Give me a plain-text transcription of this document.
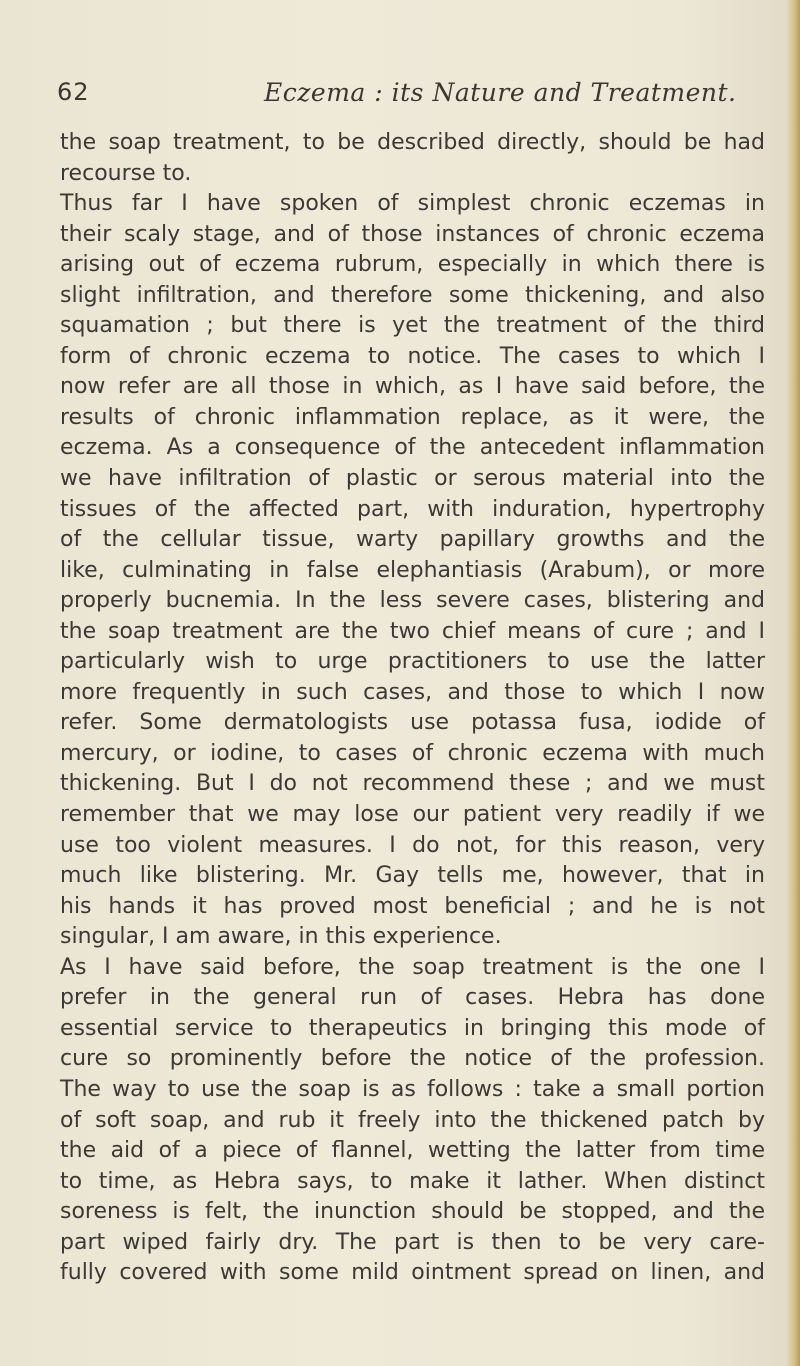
62	Eczema : its Nature and Treatment.
the soap treatment, to be described directly, should be had
recourse to.
Thus far I have spoken of simplest chronic eczemas in
their scaly stage, and of those instances of chronic eczema
arising out of eczema rubrum, especially in which there is
slight infiltration, and therefore some thickening, and also
squamation ; but there is yet the treatment of the third
form of chronic eczema to notice. The cases to which I
now refer are all those in which, as I have said before, the
results of chronic inflammation replace, as it were, the
eczema. As a consequence of the antecedent inflammation
we have infiltration of plastic or serous material into the
tissues of the affected part, with induration, hypertrophy
of the cellular tissue, warty papillary growths and the
like, culminating in false elephantiasis (Arabum), or more
properly bucnemia. In the less severe cases, blistering and
the soap treatment are the two chief means of cure ; and I
particularly wish to urge practitioners to use the latter
more frequently in such cases, and those to which I now
refer. Some dermatologists use potassa fusa, iodide of
mercury, or iodine, to cases of chronic eczema with much
thickening. But I do not recommend these ; and we must
remember that we may lose our patient very readily if we
use too violent measures. I do not, for this reason, very
much like blistering. Mr. Gay tells me, however, that in
his hands it has proved most beneficial ; and he is not
singular, I am aware, in this experience.
As I have said before, the soap treatment is the one I
prefer in the general run of cases. Hebra has done
essential service to therapeutics in bringing this mode of
cure so prominently before the notice of the profession.
The way to use the soap is as follows : take a small portion
of soft soap, and rub it freely into the thickened patch by
the aid of a piece of flannel, wetting the latter from time
to time, as Hebra says, to make it lather. When distinct
soreness is felt, the inunction should be stopped, and the
part wiped fairly dry. The part is then to be very care-
fully covered with some mild ointment spread on linen, and
